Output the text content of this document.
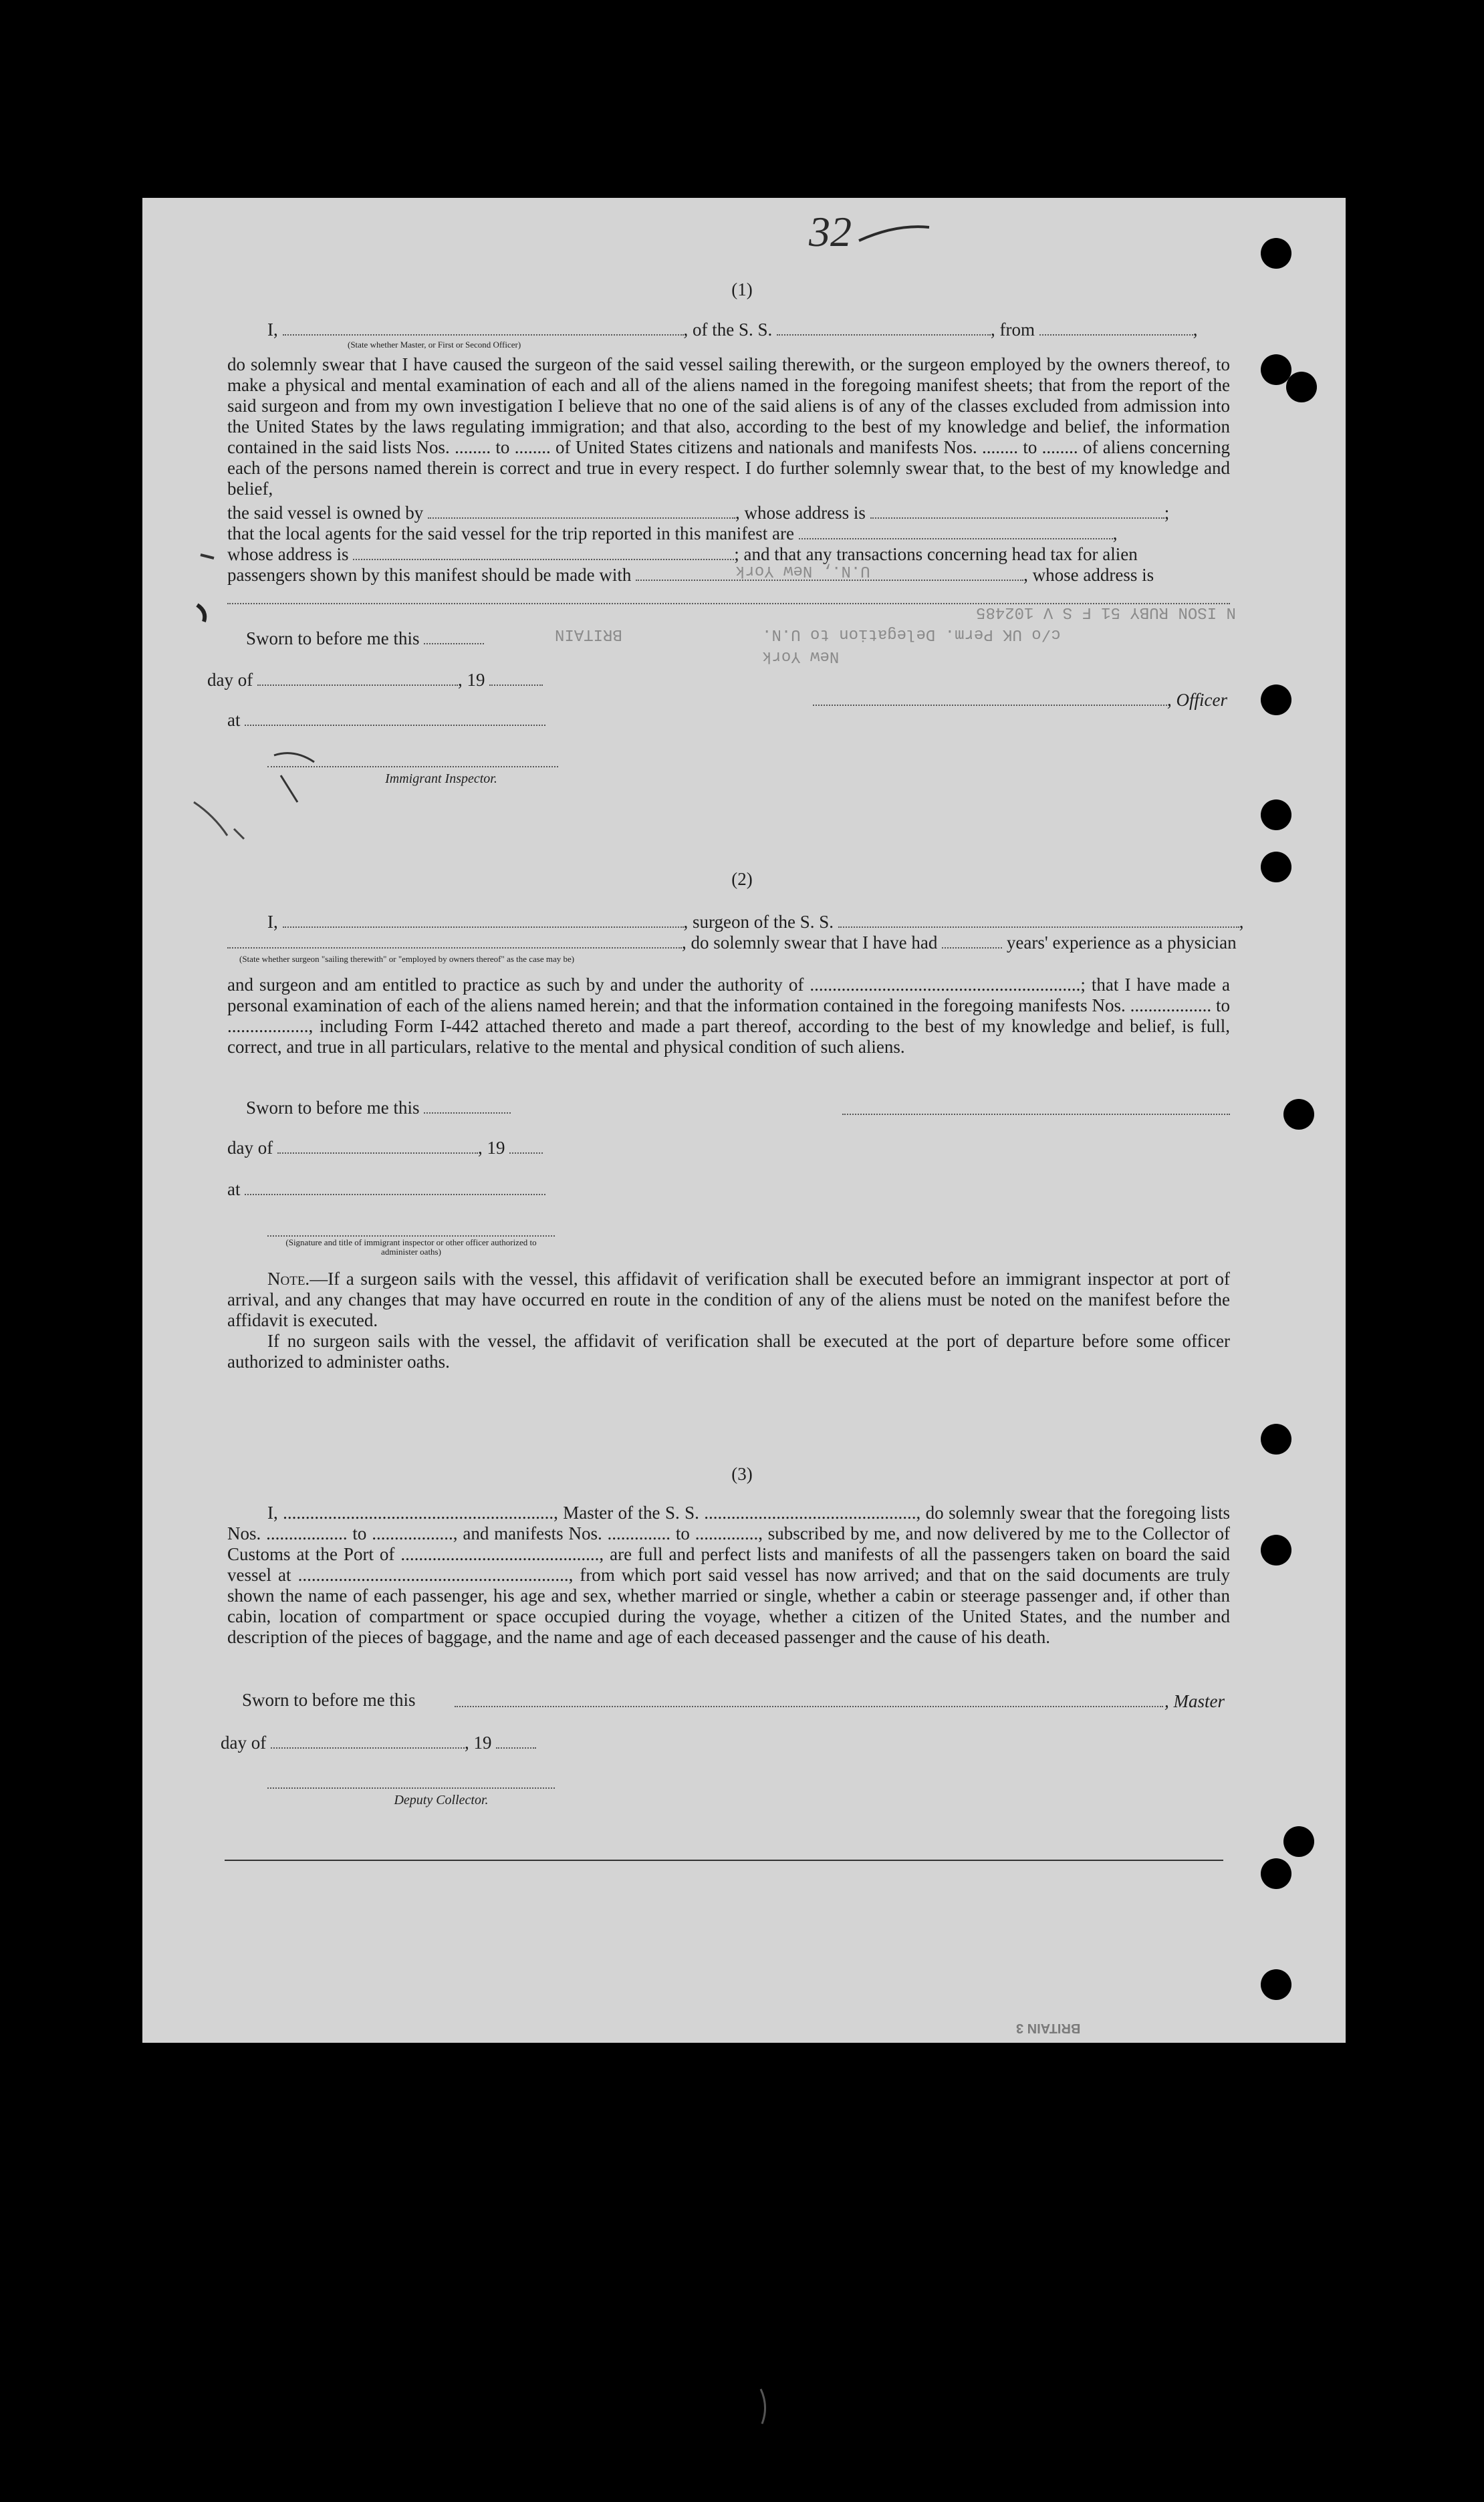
32
⠀⠀⠀⠀⠀	(1)
I,	, of the S. S.	, from	,
(State whether Master, or First or Second Officer)
do solemnly swear that I have caused the surgeon of the said vessel sailing therewith, or the surgeon employed by the owners thereof, to make a physical and mental examination of each and all of the aliens named in the foregoing manifest sheets; that from the report of the said surgeon and from my own investigation I believe that no one of the said aliens is of any of the classes excluded from admission into the United States by the laws regulating immigration; and that also, according to the best of my knowledge and belief, the information contained in the said lists Nos. ........ to ........ of United States citizens and nationals and manifests Nos. ........ to ........ of aliens concerning each of the persons named therein is correct and true in every respect. I do further solemnly swear that, to the best of my knowledge and belief,
the said vessel is owned by	, whose address is	;
that the local agents for the said vessel for the trip reported in this manifest are	,
whose address is	; and that any transactions concerning head tax for alien
passengers shown by this manifest should be made with	, whose address is
U.N., New York
N ISON RUBY 51 F S V 102485
c/o UK Perm. Delegation to U.N.
New York
BRITAIN
Sworn to before me this
day of	, 19
, Officer
at
Immigrant Inspector.
(2)
I,	, surgeon of the S. S.
, do solemnly swear that I have had	years' experience as a physician
(State whether surgeon "sailing therewith" or "employed by owners thereof" as the case may be)
and surgeon and am entitled to practice as such by and under the authority of ............................................................; that I have made a personal examination of each of the aliens named herein; and that the information contained in the foregoing manifests Nos. .................. to .................., including Form I-442 attached thereto and made a part thereof, according to the best of my knowledge and belief, is full, correct, and true in all particulars, relative to the mental and physical condition of such aliens.
Sworn to before me this
day of	, 19
at
(Signature and title of immigrant inspector or other officer authorized to administer oaths)
Note.—If a surgeon sails with the vessel, this affidavit of verification shall be executed before an immigrant inspector at port of arrival, and any changes that may have occurred en route in the condition of any of the aliens must be noted on the manifest before the affidavit is executed.
If no surgeon sails with the vessel, the affidavit of verification shall be executed at the port of departure before some officer authorized to administer oaths.
(3)
I, ............................................................, Master of the S. S. ..............................................., do solemnly swear that the foregoing lists Nos. .................. to .................., and manifests Nos. .............. to .............., subscribed by me, and now delivered by me to the Collector of Customs at the Port of ............................................, are full and perfect lists and manifests of all the passengers taken on board the said vessel at ............................................................, from which port said vessel has now arrived; and that on the said documents are truly shown the name of each passenger, his age and sex, whether married or single, whether a cabin or steerage passenger and, if other than cabin, location of compartment or space occupied during the voyage, whether a citizen of the United States, and the number and description of the pieces of baggage, and the name and age of each deceased passenger and the cause of his death.
Sworn to before me this	, Master
day of	, 19
Deputy Collector.
BRITAIN 3
